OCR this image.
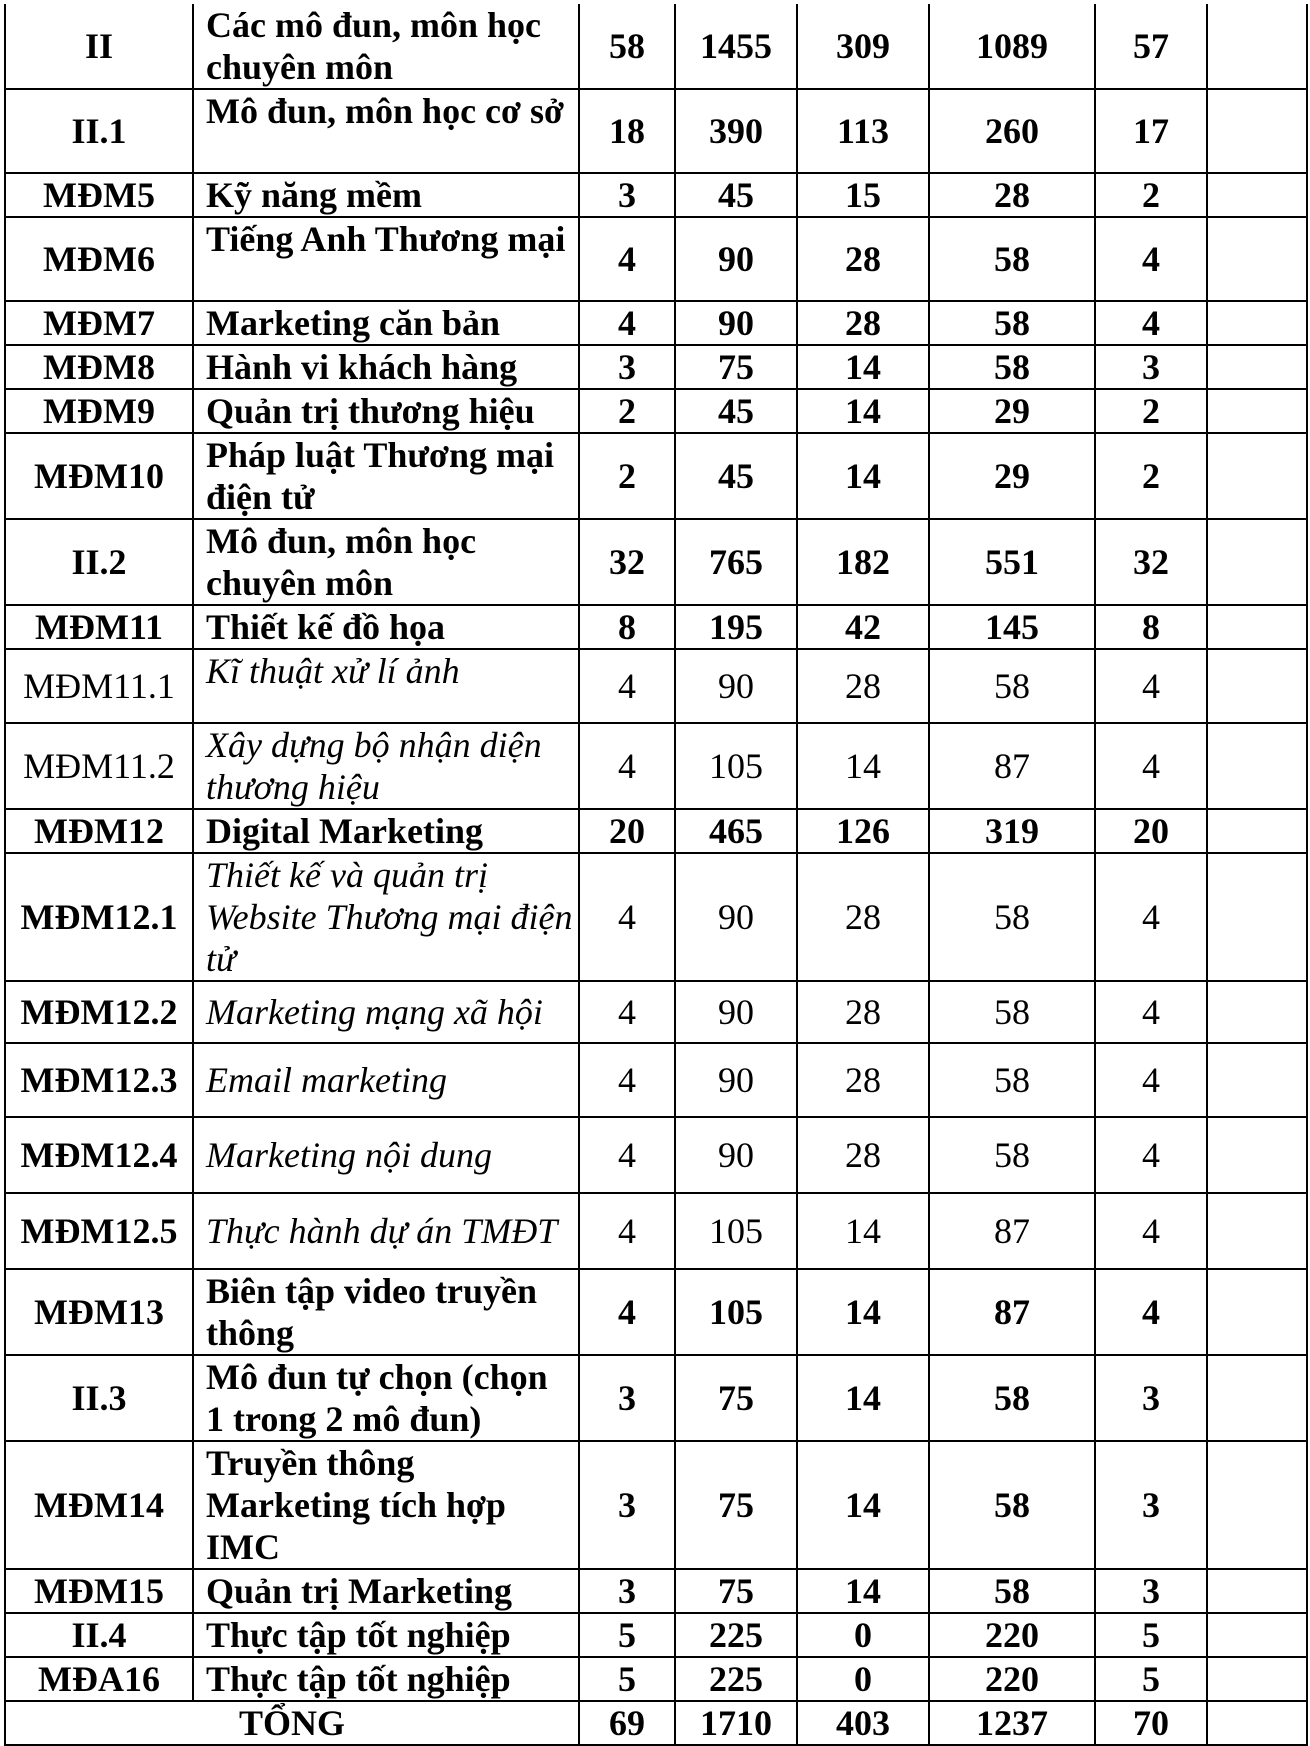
II	Các mô đun, môn học chuyên môn	58	1455	309	1089	57	
II.1	Mô đun, môn học cơ sở	18	390	113	260	17	
MĐM5	Kỹ năng mềm	3	45	15	28	2	
MĐM6	Tiếng Anh Thương mại	4	90	28	58	4	
MĐM7	Marketing căn bản	4	90	28	58	4	
MĐM8	Hành vi khách hàng	3	75	14	58	3	
MĐM9	Quản trị thương hiệu	2	45	14	29	2	
MĐM10	Pháp luật Thương mại điện tử	2	45	14	29	2	
II.2	Mô đun, môn học chuyên môn	32	765	182	551	32	
MĐM11	Thiết kế đồ họa	8	195	42	145	8	
MĐM11.1	Kĩ thuật xử lí ảnh	4	90	28	58	4	
MĐM11.2	Xây dựng bộ nhận diện thương hiệu	4	105	14	87	4	
MĐM12	Digital Marketing	20	465	126	319	20	
MĐM12.1	Thiết kế và quản trị Website Thương mại điện tử	4	90	28	58	4	
MĐM12.2	Marketing mạng xã hội	4	90	28	58	4	
MĐM12.3	Email marketing	4	90	28	58	4	
MĐM12.4	Marketing nội dung	4	90	28	58	4	
MĐM12.5	Thực hành dự án TMĐT	4	105	14	87	4	
MĐM13	Biên tập video truyền thông	4	105	14	87	4	
II.3	Mô đun tự chọn (chọn 1 trong 2 mô đun)	3	75	14	58	3	
MĐM14	Truyền thông Marketing tích hợp IMC	3	75	14	58	3	
MĐM15	Quản trị Marketing	3	75	14	58	3	
II.4	Thực tập tốt nghiệp	5	225	0	220	5	
MĐA16	Thực tập tốt nghiệp	5	225	0	220	5	
TỔNG		69	1710	403	1237	70	
